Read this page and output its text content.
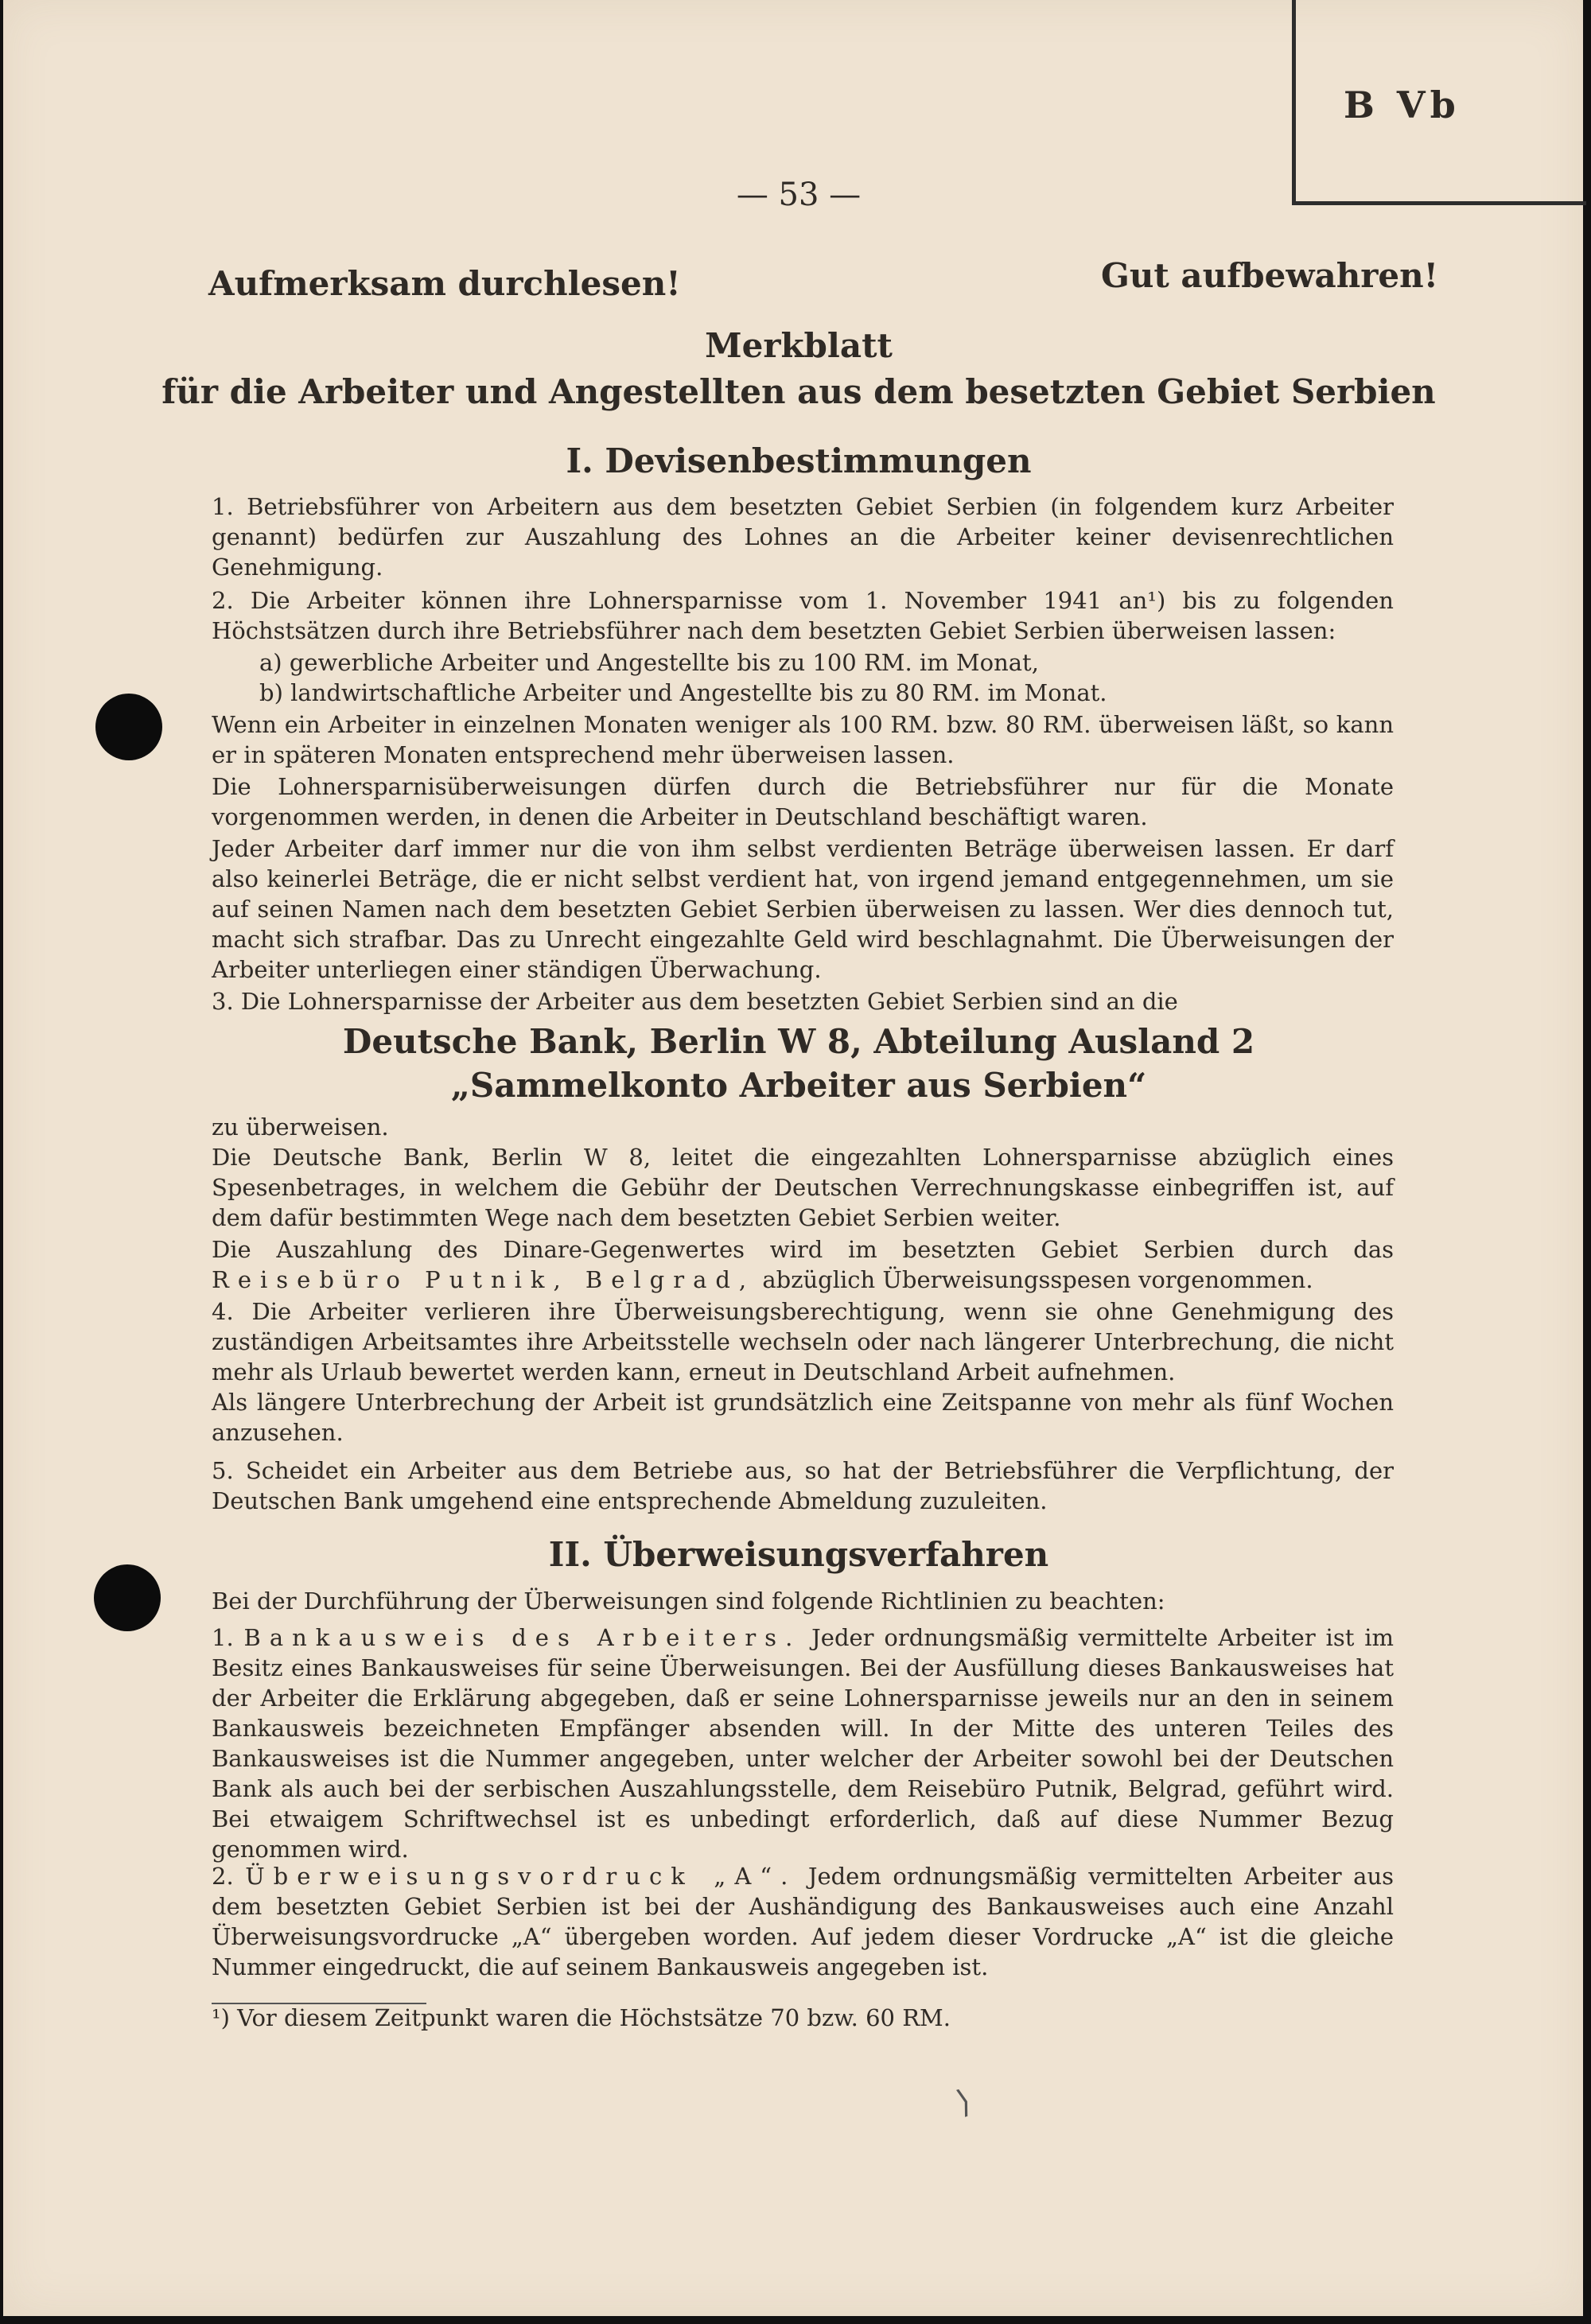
B Vb
— 53 —
Aufmerksam durchlesen!	Gut aufbewahren!
Merkblatt
für die Arbeiter und Angestellten aus dem besetzten Gebiet Serbien
I. Devisenbestimmungen

1. Betriebsführer von Arbeitern aus dem besetzten Gebiet Serbien (in folgendem kurz Arbeiter genannt) bedürfen zur Auszahlung des Lohnes an die Arbeiter keiner devisenrechtlichen Genehmigung.

2. Die Arbeiter können ihre Lohnersparnisse vom 1. November 1941 an¹) bis zu folgenden Höchstsätzen durch ihre Betriebsführer nach dem besetzten Gebiet Serbien überweisen lassen:

a) gewerbliche Arbeiter und Angestellte bis zu 100 RM. im Monat,

b) landwirtschaftliche Arbeiter und Angestellte bis zu 80 RM. im Monat.

Wenn ein Arbeiter in einzelnen Monaten weniger als 100 RM. bzw. 80 RM. überweisen läßt, so kann er in späteren Monaten entsprechend mehr überweisen lassen.

Die Lohnersparnisüberweisungen dürfen durch die Betriebsführer nur für die Monate vorgenommen werden, in denen die Arbeiter in Deutschland beschäftigt waren.

Jeder Arbeiter darf immer nur die von ihm selbst verdienten Beträge überweisen lassen. Er darf also keinerlei Beträge, die er nicht selbst verdient hat, von irgend jemand entgegennehmen, um sie auf seinen Namen nach dem besetzten Gebiet Serbien überweisen zu lassen. Wer dies dennoch tut, macht sich strafbar. Das zu Unrecht eingezahlte Geld wird beschlagnahmt. Die Überweisungen der Arbeiter unterliegen einer ständigen Überwachung.

3. Die Lohnersparnisse der Arbeiter aus dem besetzten Gebiet Serbien sind an die

Deutsche Bank, Berlin W 8, Abteilung Ausland 2
„Sammelkonto Arbeiter aus Serbien“

zu überweisen.

Die Deutsche Bank, Berlin W 8, leitet die eingezahlten Lohnersparnisse abzüglich eines Spesenbetrages, in welchem die Gebühr der Deutschen Verrechnungskasse einbegriffen ist, auf dem dafür bestimmten Wege nach dem besetzten Gebiet Serbien weiter.

Die Auszahlung des Dinare-Gegenwertes wird im besetzten Gebiet Serbien durch das Reisebüro Putnik, Belgrad, abzüglich Überweisungsspesen vorgenommen.

4. Die Arbeiter verlieren ihre Überweisungsberechtigung, wenn sie ohne Genehmigung des zuständigen Arbeitsamtes ihre Arbeitsstelle wechseln oder nach längerer Unterbrechung, die nicht mehr als Urlaub bewertet werden kann, erneut in Deutschland Arbeit aufnehmen.

Als längere Unterbrechung der Arbeit ist grundsätzlich eine Zeitspanne von mehr als fünf Wochen anzusehen.

5. Scheidet ein Arbeiter aus dem Betriebe aus, so hat der Betriebsführer die Verpflichtung, der Deutschen Bank umgehend eine entsprechende Abmeldung zuzuleiten.

II. Überweisungsverfahren

Bei der Durchführung der Überweisungen sind folgende Richtlinien zu beachten:

1. Bankausweis des Arbeiters. Jeder ordnungsmäßig vermittelte Arbeiter ist im Besitz eines Bankausweises für seine Überweisungen. Bei der Ausfüllung dieses Bankausweises hat der Arbeiter die Erklärung abgegeben, daß er seine Lohnersparnisse jeweils nur an den in seinem Bankausweis bezeichneten Empfänger absenden will. In der Mitte des unteren Teiles des Bankausweises ist die Nummer angegeben, unter welcher der Arbeiter sowohl bei der Deutschen Bank als auch bei der serbischen Auszahlungsstelle, dem Reisebüro Putnik, Belgrad, geführt wird. Bei etwaigem Schriftwechsel ist es unbedingt erforderlich, daß auf diese Nummer Bezug genommen wird.

2. Überweisungsvordruck „A“. Jedem ordnungsmäßig vermittelten Arbeiter aus dem besetzten Gebiet Serbien ist bei der Aushändigung des Bankausweises auch eine Anzahl Überweisungsvordrucke „A“ übergeben worden. Auf jedem dieser Vordrucke „A“ ist die gleiche Nummer eingedruckt, die auf seinem Bankausweis angegeben ist.

¹) Vor diesem Zeitpunkt waren die Höchstsätze 70 bzw. 60 RM.
⟩
